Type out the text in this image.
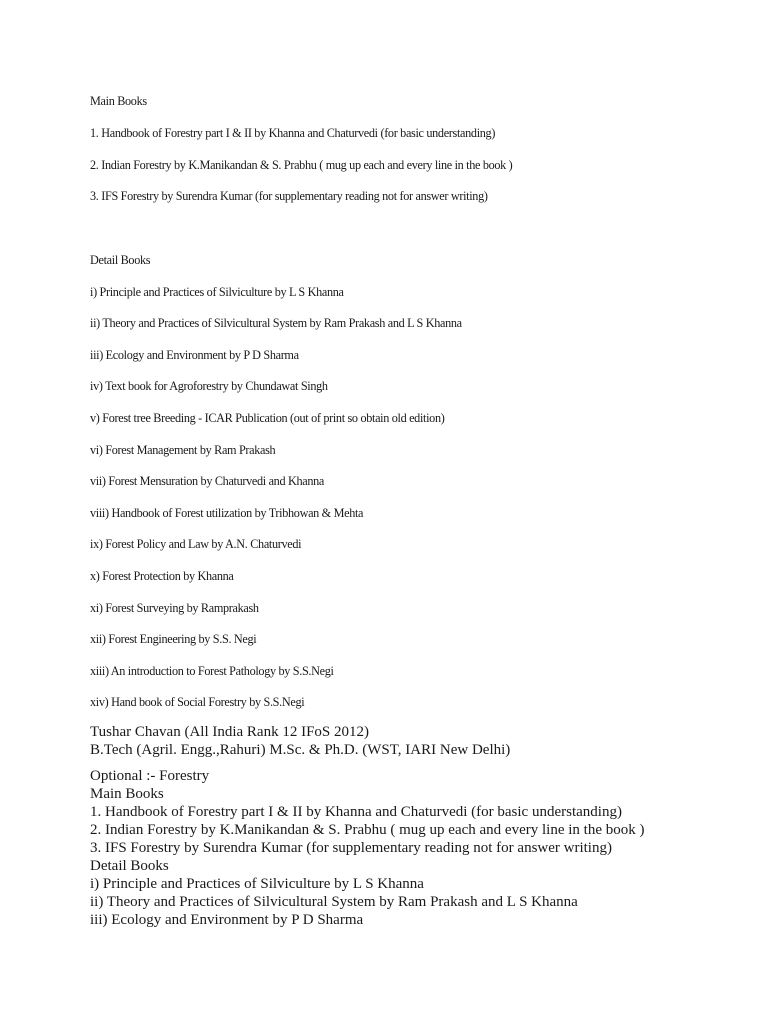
Main Books
1. Handbook of Forestry part I & II by Khanna and Chaturvedi (for basic understanding)
2. Indian Forestry by K.Manikandan & S. Prabhu ( mug up each and every line in the book )
3. IFS Forestry by Surendra Kumar (for supplementary reading not for answer writing)
Detail Books
i) Principle and Practices of Silviculture by L S Khanna
ii) Theory and Practices of Silvicultural System by Ram Prakash and L S Khanna
iii) Ecology and Environment by P D Sharma
iv) Text book for Agroforestry by Chundawat Singh
v) Forest tree Breeding - ICAR Publication (out of print so obtain old edition)
vi) Forest Management by Ram Prakash
vii) Forest Mensuration by Chaturvedi and Khanna
viii) Handbook of Forest utilization by Tribhowan & Mehta
ix) Forest Policy and Law by A.N. Chaturvedi
x) Forest Protection by Khanna
xi) Forest Surveying by Ramprakash
xii) Forest Engineering by S.S. Negi
xiii) An introduction to Forest Pathology by S.S.Negi
xiv) Hand book of Social Forestry by S.S.Negi
Tushar Chavan (All India Rank 12 IFoS 2012)
B.Tech (Agril. Engg.,Rahuri) M.Sc. & Ph.D. (WST, IARI New Delhi)
Optional :- Forestry
Main Books
1. Handbook of Forestry part I & II by Khanna and Chaturvedi (for basic understanding)
2. Indian Forestry by K.Manikandan & S. Prabhu ( mug up each and every line in the book )
3. IFS Forestry by Surendra Kumar (for supplementary reading not for answer writing)
Detail Books
i) Principle and Practices of Silviculture by L S Khanna
ii) Theory and Practices of Silvicultural System by Ram Prakash and L S Khanna
iii) Ecology and Environment by P D Sharma
